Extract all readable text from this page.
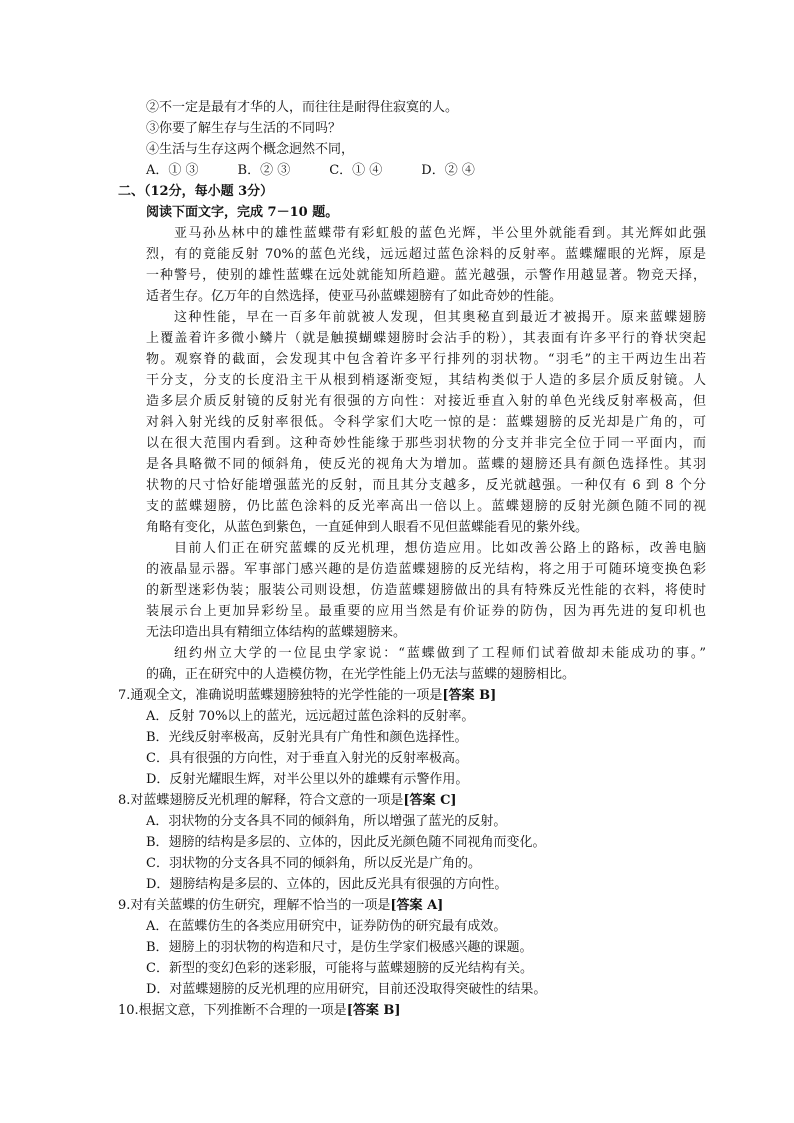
②不一定是最有才华的人，而往往是耐得住寂寞的人。
③你要了解生存与生活的不同吗？
④生活与生存这两个概念迥然不同，
A．① ③　　　B．② ③　　　C．① ④　　　D．② ④
二、（12分，每小题 3分）
阅读下面文字，完成 7－10 题。
亚马孙丛林中的雄性蓝蝶带有彩虹般的蓝色光辉，半公里外就能看到。其光辉如此强
烈，有的竟能反射 70%的蓝色光线，远远超过蓝色涂料的反射率。蓝蝶耀眼的光辉，原是
一种警号，使别的雄性蓝蝶在远处就能知所趋避。蓝光越强，示警作用越显著。物竞天择，
适者生存。亿万年的自然选择，使亚马孙蓝蝶翅膀有了如此奇妙的性能。
这种性能，早在一百多年前就被人发现，但其奥秘直到最近才被揭开。原来蓝蝶翅膀
上覆盖着许多微小鳞片（就是触摸蝴蝶翅膀时会沾手的粉），其表面有许多平行的脊状突起
物。观察脊的截面，会发现其中包含着许多平行排列的羽状物。“羽毛”的主干两边生出若
干分支，分支的长度沿主干从根到梢逐渐变短，其结构类似于人造的多层介质反射镜。人
造多层介质反射镜的反射光有很强的方向性：对接近垂直入射的单色光线反射率极高，但
对斜入射光线的反射率很低。令科学家们大吃一惊的是：蓝蝶翅膀的反光却是广角的，可
以在很大范围内看到。这种奇妙性能缘于那些羽状物的分支并非完全位于同一平面内，而
是各具略微不同的倾斜角，使反光的视角大为增加。蓝蝶的翅膀还具有颜色选择性。其羽
状物的尺寸恰好能增强蓝光的反射，而且其分支越多，反光就越强。一种仅有 6 到 8 个分
支的蓝蝶翅膀，仍比蓝色涂料的反光率高出一倍以上。蓝蝶翅膀的反射光颜色随不同的视
角略有变化，从蓝色到紫色，一直延伸到人眼看不见但蓝蝶能看见的紫外线。
目前人们正在研究蓝蝶的反光机理，想仿造应用。比如改善公路上的路标，改善电脑
的液晶显示器。军事部门感兴趣的是仿造蓝蝶翅膀的反光结构，将之用于可随环境变换色彩
的新型迷彩伪装；服装公司则设想，仿造蓝蝶翅膀做出的具有特殊反光性能的衣料，将使时
装展示台上更加异彩纷呈。最重要的应用当然是有价证券的防伪，因为再先进的复印机也
无法印造出具有精细立体结构的蓝蝶翅膀来。
纽约州立大学的一位昆虫学家说：“蓝蝶做到了工程师们试着做却未能成功的事。”
的确，正在研究中的人造模仿物，在光学性能上仍无法与蓝蝶的翅膀相比。
7.通观全文，准确说明蓝蝶翅膀独特的光学性能的一项是[答案 B]
A．反射 70%以上的蓝光，远远超过蓝色涂料的反射率。
B．光线反射率极高，反射光具有广角性和颜色选择性。
C．具有很强的方向性，对于垂直入射光的反射率极高。
D．反射光耀眼生辉，对半公里以外的雄蝶有示警作用。
8.对蓝蝶翅膀反光机理的解释，符合文意的一项是[答案 C]
A．羽状物的分支各具不同的倾斜角，所以增强了蓝光的反射。
B．翅膀的结构是多层的、立体的，因此反光颜色随不同视角而变化。
C．羽状物的分支各具不同的倾斜角，所以反光是广角的。
D．翅膀结构是多层的、立体的，因此反光具有很强的方向性。
9.对有关蓝蝶的仿生研究，理解不恰当的一项是[答案 A]
A．在蓝蝶仿生的各类应用研究中，证券防伪的研究最有成效。
B．翅膀上的羽状物的构造和尺寸，是仿生学家们极感兴趣的课题。
C．新型的变幻色彩的迷彩服，可能将与蓝蝶翅膀的反光结构有关。
D．对蓝蝶翅膀的反光机理的应用研究，目前还没取得突破性的结果。
10.根据文意，下列推断不合理的一项是[答案 B]
